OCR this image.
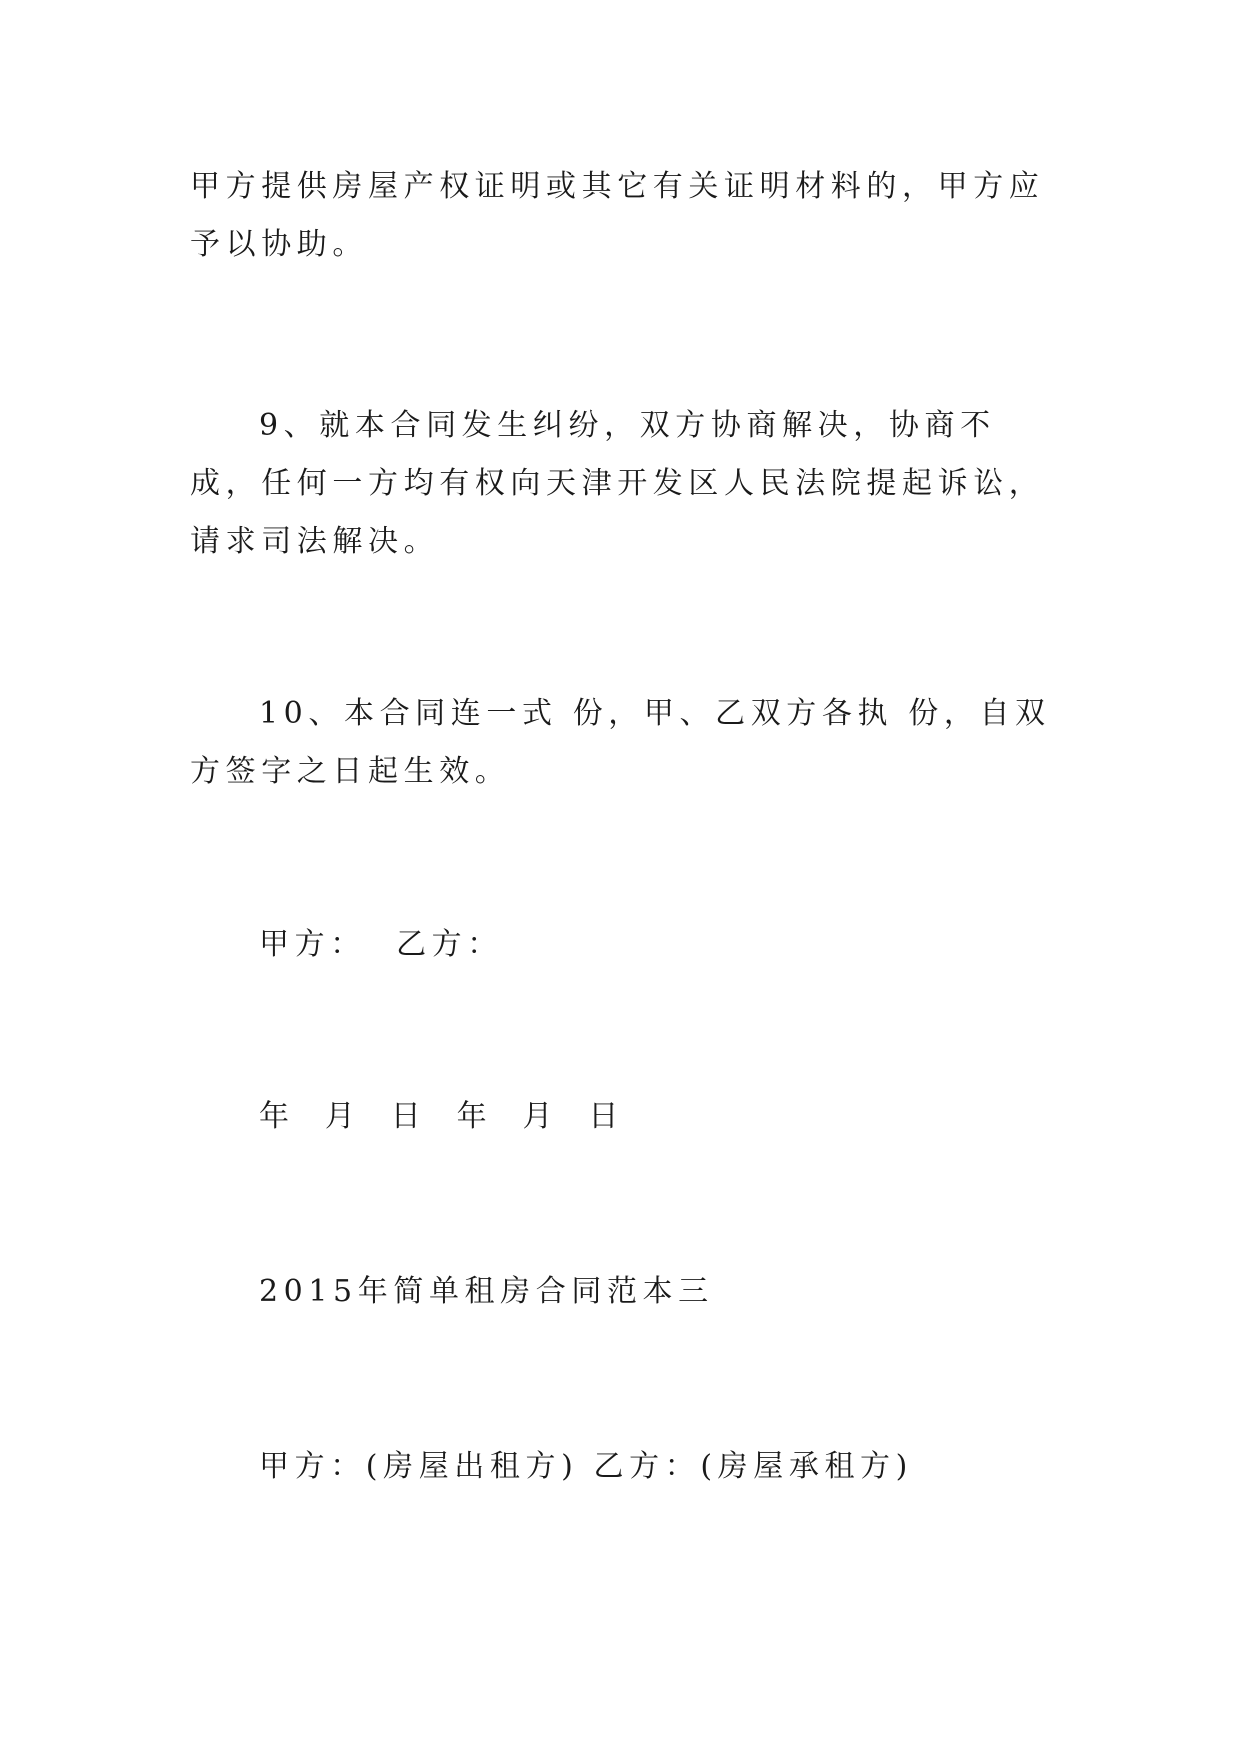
甲方提供房屋产权证明或其它有关证明材料的，甲方应予以协助。

9、就本合同发生纠纷，双方协商解决，协商不成，任何一方均有权向天津开发区人民法院提起诉讼，请求司法解决。

10、本合同连一式 份，甲、乙双方各执 份，自双方签字之日起生效。

甲方：  乙方：

年  月  日  年  月  日

2015年简单租房合同范本三

甲方：(房屋出租方) 乙方：(房屋承租方)
